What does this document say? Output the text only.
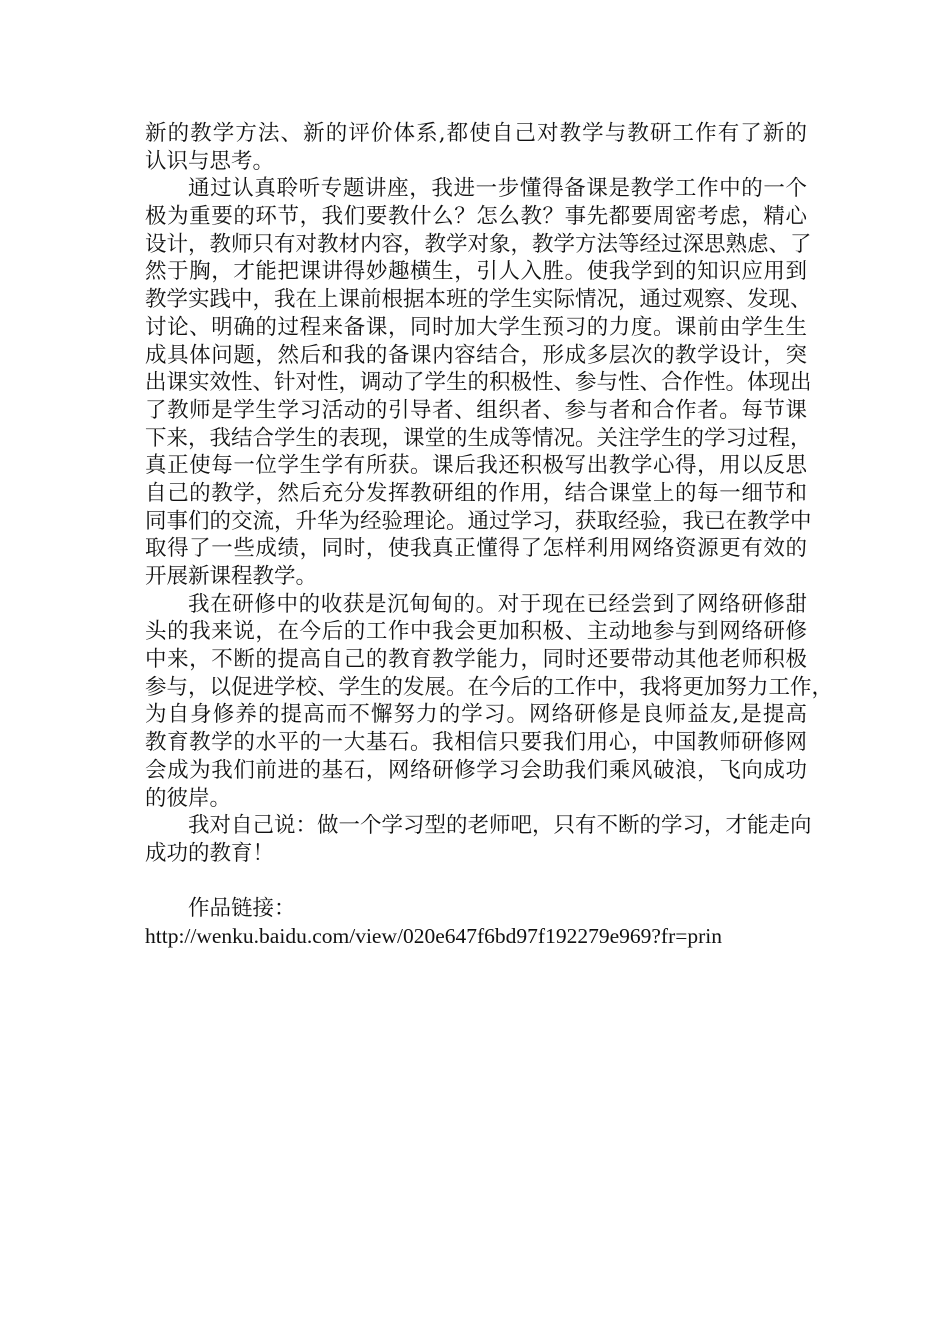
新的教学方法、新的评价体系,都使自己对教学与教研工作有了新的
认识与思考。
通过认真聆听专题讲座，我进一步懂得备课是教学工作中的一个
极为重要的环节，我们要教什么？怎么教？事先都要周密考虑，精心
设计，教师只有对教材内容，教学对象，教学方法等经过深思熟虑、了
然于胸，才能把课讲得妙趣横生，引人入胜。使我学到的知识应用到
教学实践中，我在上课前根据本班的学生实际情况，通过观察、发现、
讨论、明确的过程来备课，同时加大学生预习的力度。课前由学生生
成具体问题，然后和我的备课内容结合，形成多层次的教学设计，突
出课实效性、针对性，调动了学生的积极性、参与性、合作性。体现出
了教师是学生学习活动的引导者、组织者、参与者和合作者。每节课
下来，我结合学生的表现，课堂的生成等情况。关注学生的学习过程，
真正使每一位学生学有所获。课后我还积极写出教学心得，用以反思
自己的教学，然后充分发挥教研组的作用，结合课堂上的每一细节和
同事们的交流，升华为经验理论。通过学习，获取经验，我已在教学中
取得了一些成绩，同时，使我真正懂得了怎样利用网络资源更有效的
开展新课程教学。
我在研修中的收获是沉甸甸的。对于现在已经尝到了网络研修甜
头的我来说，在今后的工作中我会更加积极、主动地参与到网络研修
中来，不断的提高自己的教育教学能力，同时还要带动其他老师积极
参与，以促进学校、学生的发展。在今后的工作中，我将更加努力工作，
为自身修养的提高而不懈努力的学习。网络研修是良师益友,是提高
教育教学的水平的一大基石。我相信只要我们用心，中国教师研修网
会成为我们前进的基石，网络研修学习会助我们乘风破浪，飞向成功
的彼岸。
我对自己说：做一个学习型的老师吧，只有不断的学习，才能走向
成功的教育！
作品链接：
http://wenku.baidu.com/view/020e647f6bd97f192279e969?fr=prin
